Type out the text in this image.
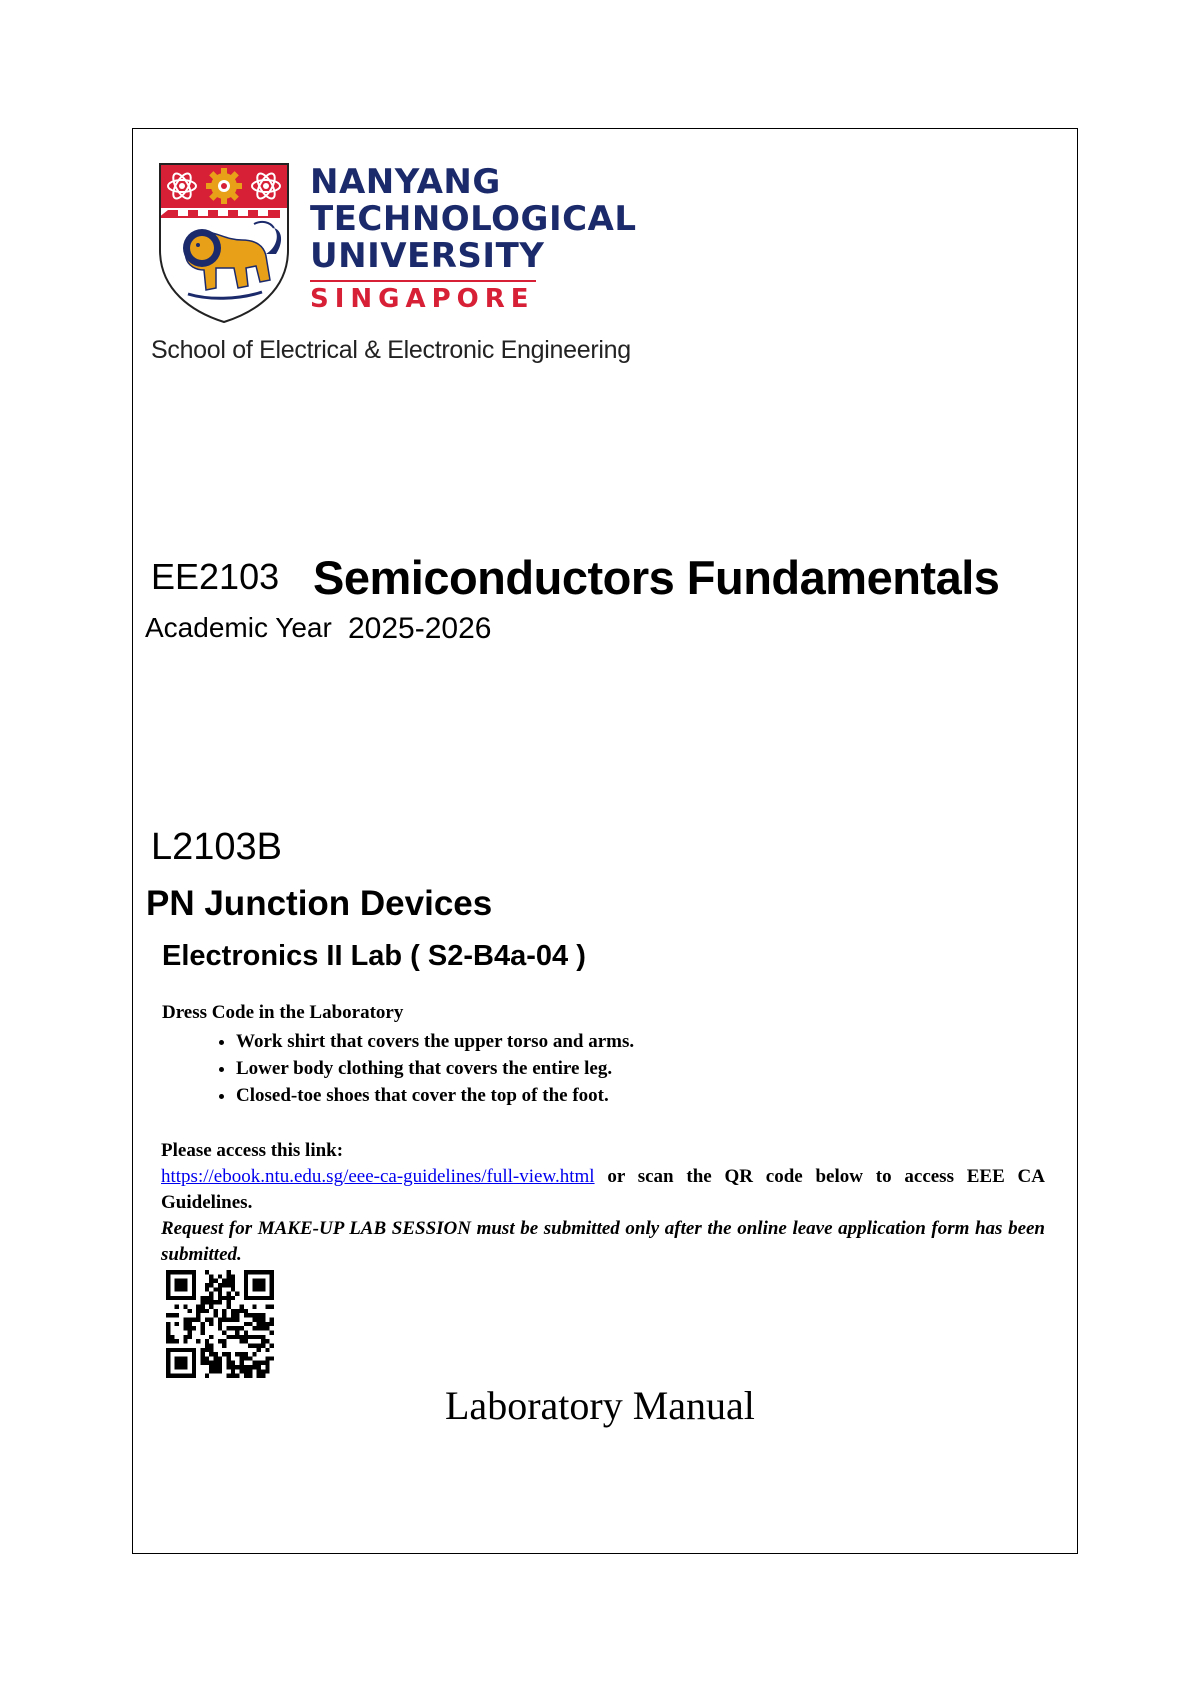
NANYANG
TECHNOLOGICAL
UNIVERSITY
SINGAPORE
School of Electrical & Electronic Engineering
EE2103 Semiconductors Fundamentals
Academic Year 2025-2026
L2103B
PN Junction Devices
Electronics II Lab ( S2-B4a-04 )
Dress Code in the Laboratory
• Work shirt that covers the upper torso and arms.
• Lower body clothing that covers the entire leg.
• Closed-toe shoes that cover the top of the foot.
Please access this link:
https://ebook.ntu.edu.sg/eee-ca-guidelines/full-view.html or scan the QR code below to access EEE CA Guidelines.
Request for MAKE-UP LAB SESSION must be submitted only after the online leave application form has been submitted.
Laboratory Manual
